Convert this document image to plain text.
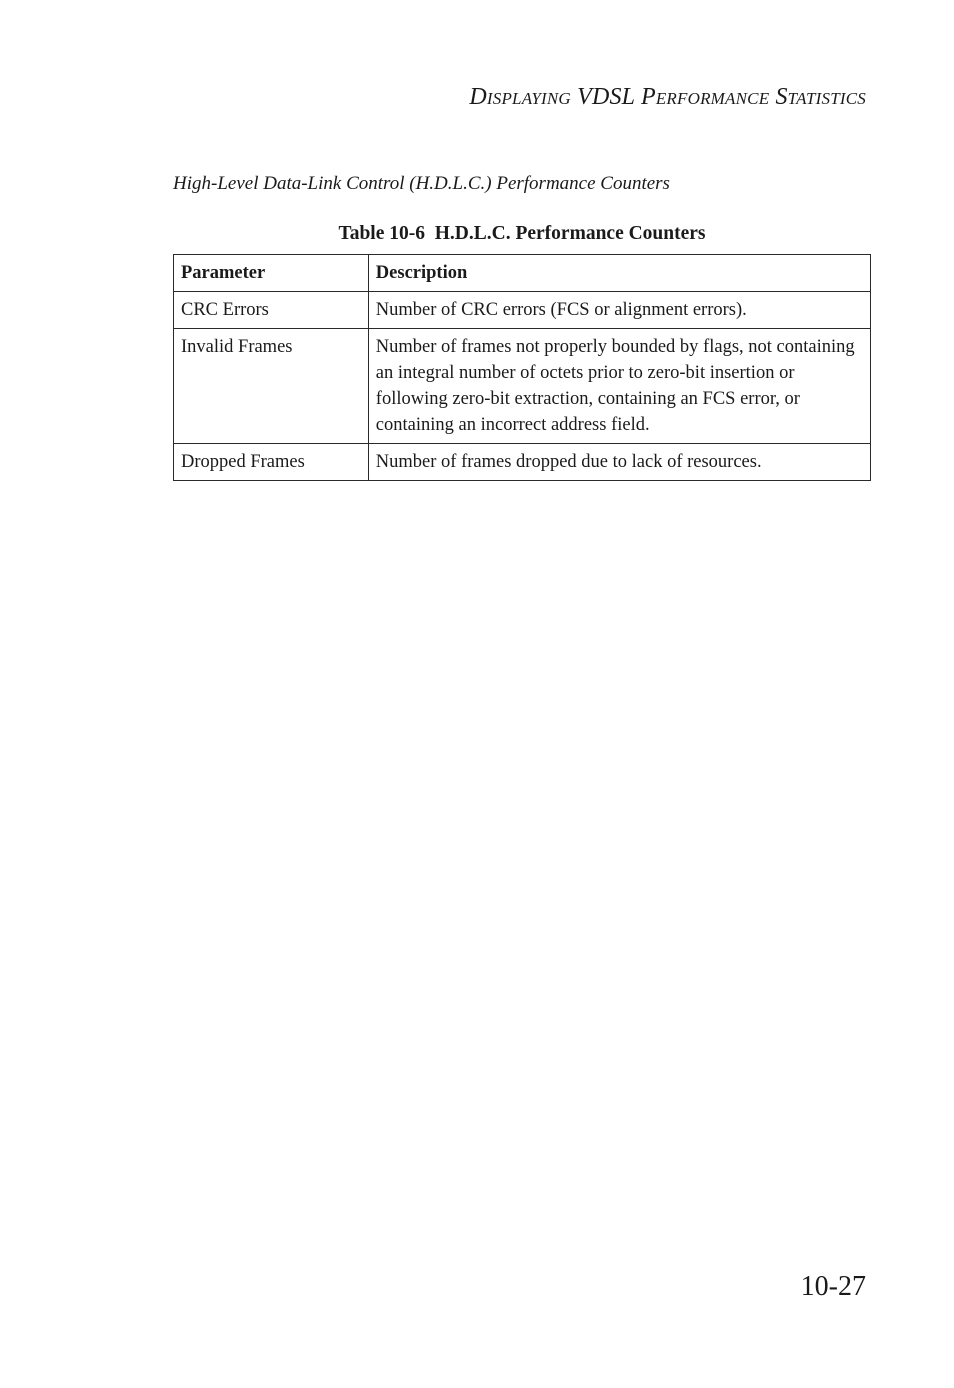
Displaying VDSL Performance Statistics
High-Level Data-Link Control (H.D.L.C.) Performance Counters
Table 10-6  H.D.L.C. Performance Counters
Parameter	Description
CRC Errors	Number of CRC errors (FCS or alignment errors).
Invalid Frames	Number of frames not properly bounded by flags, not containing an integral number of octets prior to zero-bit insertion or following zero-bit extraction, containing an FCS error, or containing an incorrect address field.
Dropped Frames	Number of frames dropped due to lack of resources.
10-27
